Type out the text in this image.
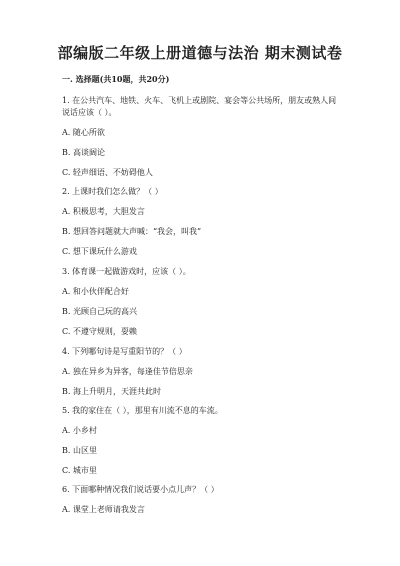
部编版二年级上册道德与法治 期末测试卷
一. 选择题(共10题，共20分)
1. 在公共汽车、地铁、火车、飞机上或剧院、宴会等公共场所，朋友或熟人间
说话应该（ ）。
A. 随心所欲
B. 高谈阔论
C. 轻声细语、不妨碍他人
2. 上课时我们怎么做？（ ）
A. 积极思考，大胆发言
B. 想回答问题就大声喊：“我会，叫我”
C. 想下课玩什么游戏
3. 体育课一起做游戏时，应该（ ）。
A. 和小伙伴配合好
B. 光顾自己玩的高兴
C. 不遵守规则，耍赖
4. 下列哪句诗是写重阳节的？（ ）
A. 独在异乡为异客，每逢佳节倍思亲
B. 海上升明月，天涯共此时
5. 我的家住在（ ），那里有川流不息的车流。
A. 小乡村
B. 山区里
C. 城市里
6. 下面哪种情况我们说话要小点儿声？（ ）
A. 课堂上老师请我发言
